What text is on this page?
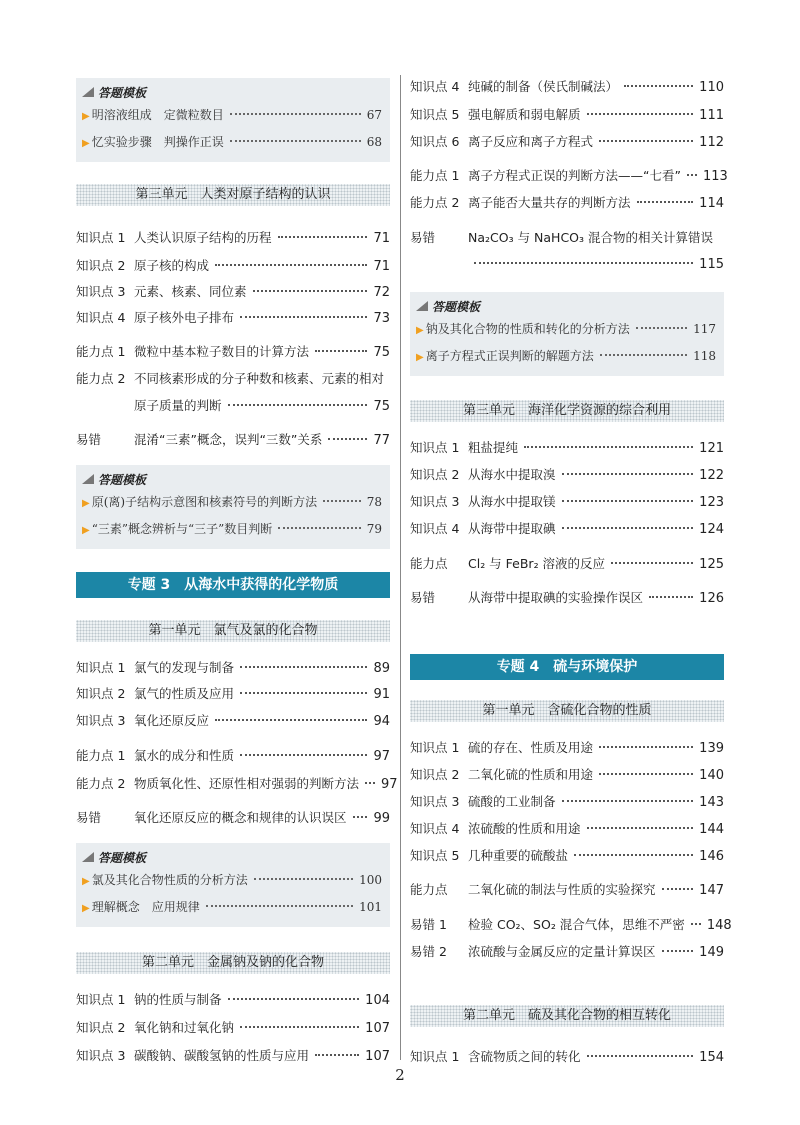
答题模板
▶ 明溶液组成　定微粒数目	67
▶ 忆实验步骤　判操作正误	68
第三单元　人类对原子结构的认识
知识点 1 人类认识原子结构的历程	71
知识点 2 原子核的构成	71
知识点 3 元素、核素、同位素	72
知识点 4 原子核外电子排布	73
能力点 1 微粒中基本粒子数目的计算方法	75
能力点 2 不同核素形成的分子种数和核素、元素的相对
原子质量的判断	75
易错	混淆“三素”概念，误判“三数”关系	77
答题模板
▶ 原(离)子结构示意图和核素符号的判断方法	78
▶ “三素”概念辨析与“三子”数目判断	79
专题 3　从海水中获得的化学物质
第一单元　氯气及氯的化合物
知识点 1 氯气的发现与制备	89
知识点 2 氯气的性质及应用	91
知识点 3 氧化还原反应	94
能力点 1 氯水的成分和性质	97
能力点 2 物质氧化性、还原性相对强弱的判断方法 97
易错	氧化还原反应的概念和规律的认识误区 99
答题模板
▶ 氯及其化合物性质的分析方法	100
▶ 理解概念　应用规律	101
第二单元　金属钠及钠的化合物
知识点 1 钠的性质与制备	104
知识点 2 氧化钠和过氧化钠	107
知识点 3 碳酸钠、碳酸氢钠的性质与应用	107
知识点 4 纯碱的制备（侯氏制碱法）	110
知识点 5 强电解质和弱电解质	111
知识点 6 离子反应和离子方程式	112
能力点 1 离子方程式正误的判断方法——“七看” 113
能力点 2 离子能否大量共存的判断方法	114
易错	Na₂CO₃ 与 NaHCO₃ 混合物的相关计算错误
115
答题模板
▶ 钠及其化合物的性质和转化的分析方法	117
▶ 离子方程式正误判断的解题方法	118
第三单元　海洋化学资源的综合利用
知识点 1 粗盐提纯	121
知识点 2 从海水中提取溴	122
知识点 3 从海水中提取镁	123
知识点 4 从海带中提取碘	124
能力点	Cl₂ 与 FeBr₂ 溶液的反应	125
易错	从海带中提取碘的实验操作误区	126
专题 4　硫与环境保护
第一单元　含硫化合物的性质
知识点 1 硫的存在、性质及用途	139
知识点 2 二氧化硫的性质和用途	140
知识点 3 硫酸的工业制备	143
知识点 4 浓硫酸的性质和用途	144
知识点 5 几种重要的硫酸盐	146
能力点	二氧化硫的制法与性质的实验探究	147
易错 1	检验 CO₂、SO₂ 混合气体，思维不严密 148
易错 2	浓硫酸与金属反应的定量计算误区	149
第二单元　硫及其化合物的相互转化
知识点 1 含硫物质之间的转化	154
2
